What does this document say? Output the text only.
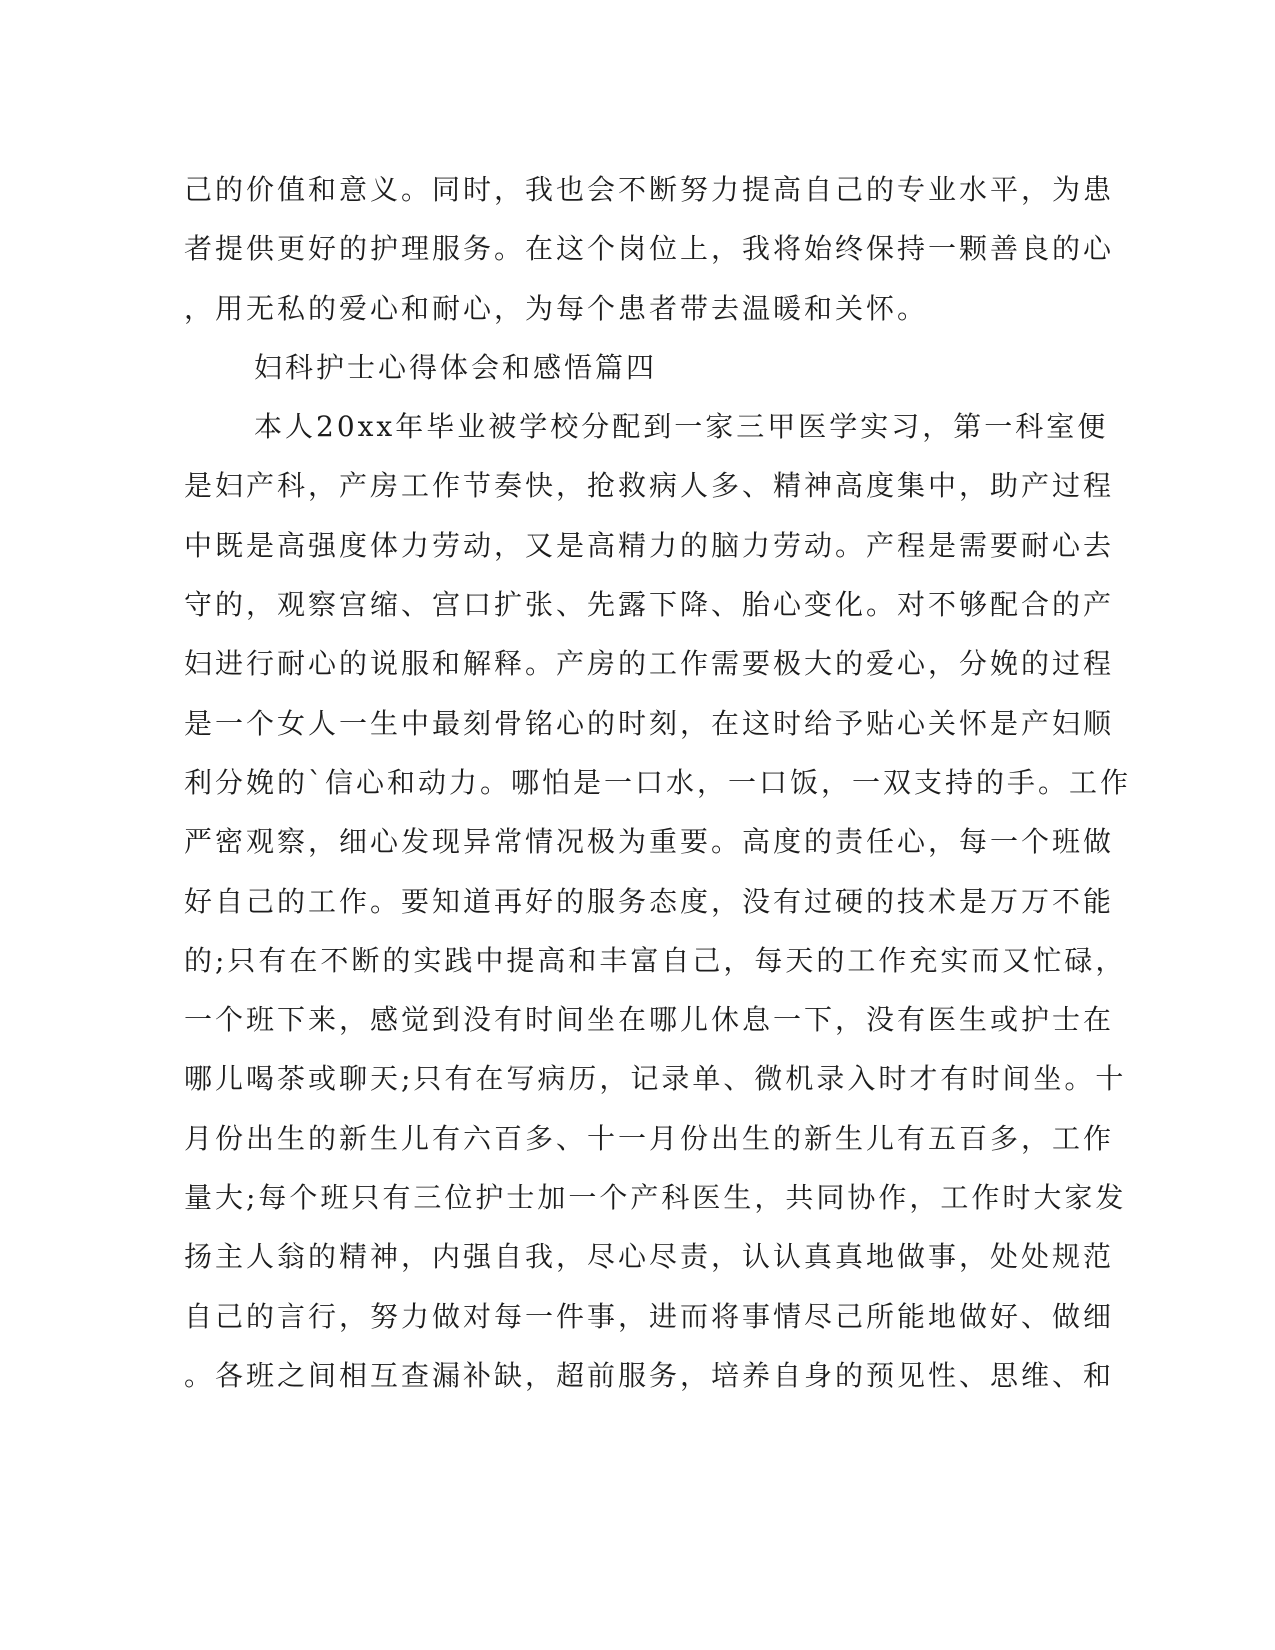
己的价值和意义。同时，我也会不断努力提高自己的专业水平，为患
者提供更好的护理服务。在这个岗位上，我将始终保持一颗善良的心
，用无私的爱心和耐心，为每个患者带去温暖和关怀。
妇科护士心得体会和感悟篇四
本人20xx年毕业被学校分配到一家三甲医学实习，第一科室便
是妇产科，产房工作节奏快，抢救病人多、精神高度集中，助产过程
中既是高强度体力劳动，又是高精力的脑力劳动。产程是需要耐心去
守的，观察宫缩、宫口扩张、先露下降、胎心变化。对不够配合的产
妇进行耐心的说服和解释。产房的工作需要极大的爱心，分娩的过程
是一个女人一生中最刻骨铭心的时刻，在这时给予贴心关怀是产妇顺
利分娩的`信心和动力。哪怕是一口水，一口饭，一双支持的手。工作
严密观察，细心发现异常情况极为重要。高度的责任心，每一个班做
好自己的工作。要知道再好的服务态度，没有过硬的技术是万万不能
的;只有在不断的实践中提高和丰富自己，每天的工作充实而又忙碌，
一个班下来，感觉到没有时间坐在哪儿休息一下，没有医生或护士在
哪儿喝茶或聊天;只有在写病历，记录单、微机录入时才有时间坐。十
月份出生的新生儿有六百多、十一月份出生的新生儿有五百多，工作
量大;每个班只有三位护士加一个产科医生，共同协作，工作时大家发
扬主人翁的精神，内强自我，尽心尽责，认认真真地做事，处处规范
自己的言行，努力做对每一件事，进而将事情尽己所能地做好、做细
。各班之间相互查漏补缺，超前服务，培养自身的预见性、思维、和
